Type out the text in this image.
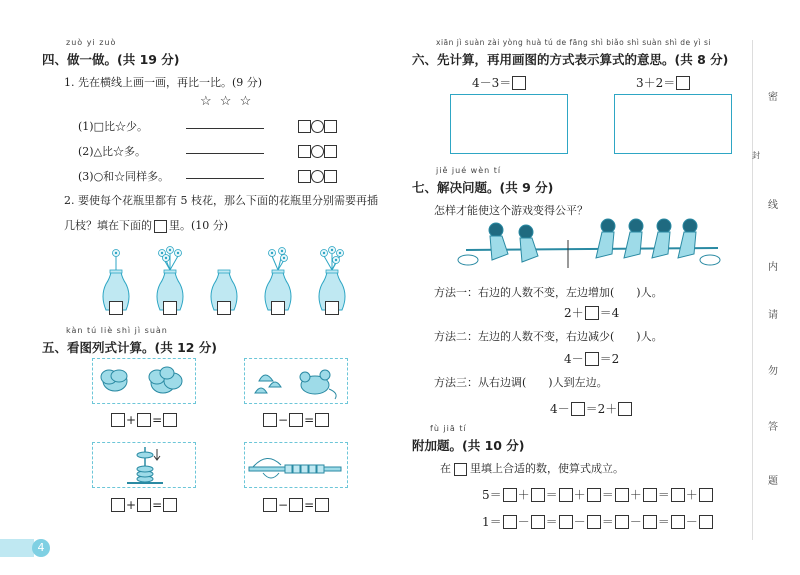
zuò yi zuò
四、做一做。(共 19 分)
1. 先在横线上画一画，再比一比。(9 分)
☆ ☆ ☆
(1)□比☆少。
(2)△比☆多。
(3)○和☆同样多。
2. 要使每个花瓶里都有 5 枝花，那么下面的花瓶里分别需要再插
几枝？填在下面的 里。(10 分)
kàn tú liè shì jì suàn
五、看图列式计算。(共 12 分)
+ =	− =
+ =	− =
4
xiān jì suàn zài yòng huà tú de fāng shì biǎo shì suàn shì de yì si
六、先计算，再用画图的方式表示算式的意思。(共 8 分)
4－3＝	3＋2＝
jiě jué wèn tí
七、解决问题。(共 9 分)
怎样才能使这个游戏变得公平？
方法一：右边的人数不变，左边增加(　　)人。
2＋ ＝4
方法二：左边的人数不变，右边减少(　　)人。
4－ ＝2
方法三：从右边调(　　)人到左边。
4－ ＝2＋
fù jiā tí
附加题。(共 10 分)
在 里填上合适的数，使算式成立。
5＝ ＋ ＝ ＋ ＝ ＋ ＝ ＋
1＝ － ＝ － ＝ － ＝ －
密
封
线
内
请
勿
答
题
